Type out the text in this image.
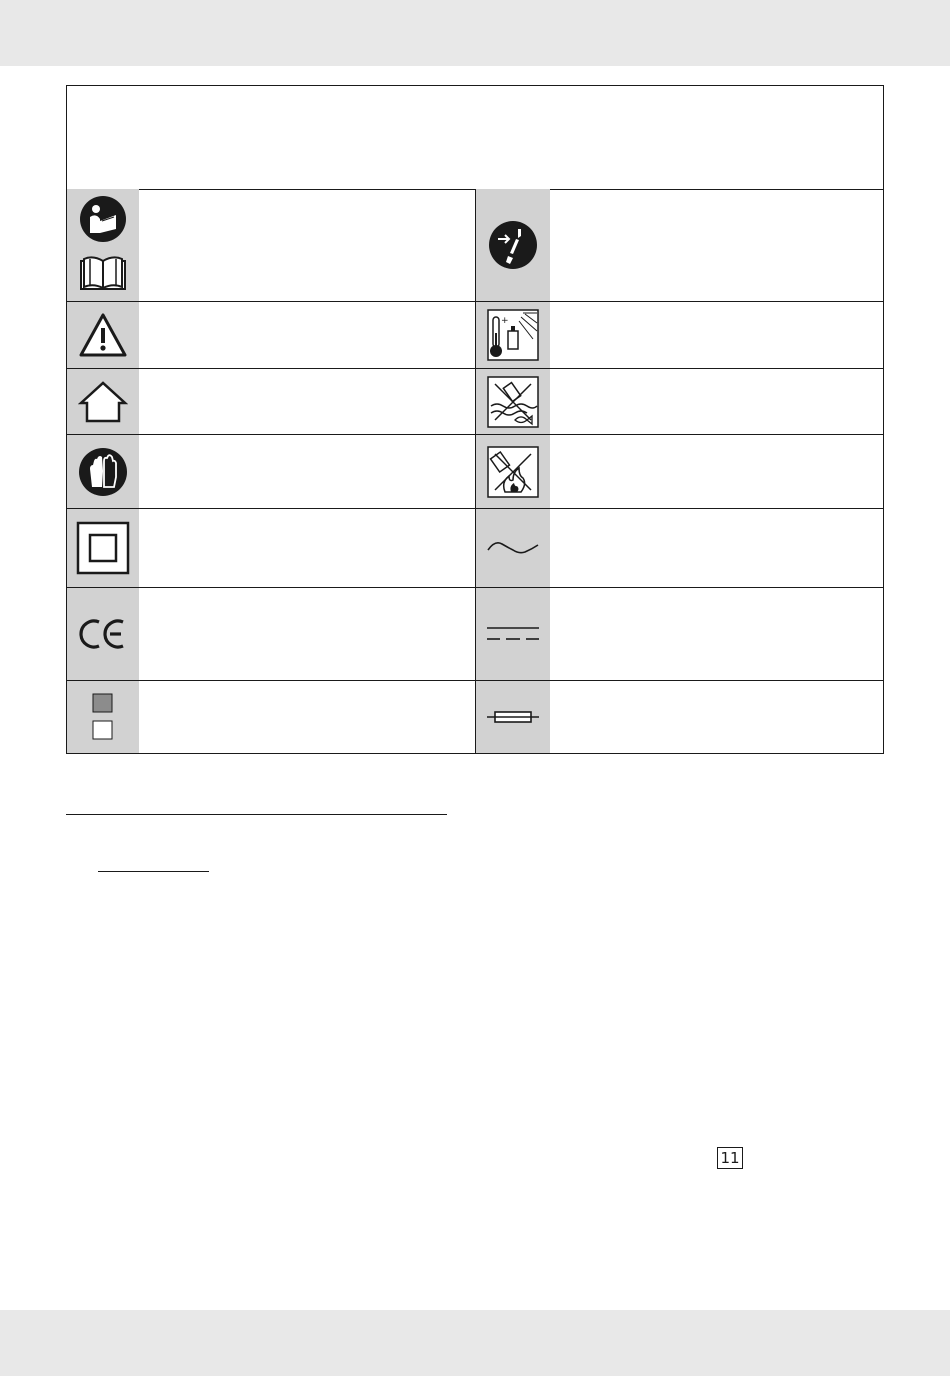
+
11
